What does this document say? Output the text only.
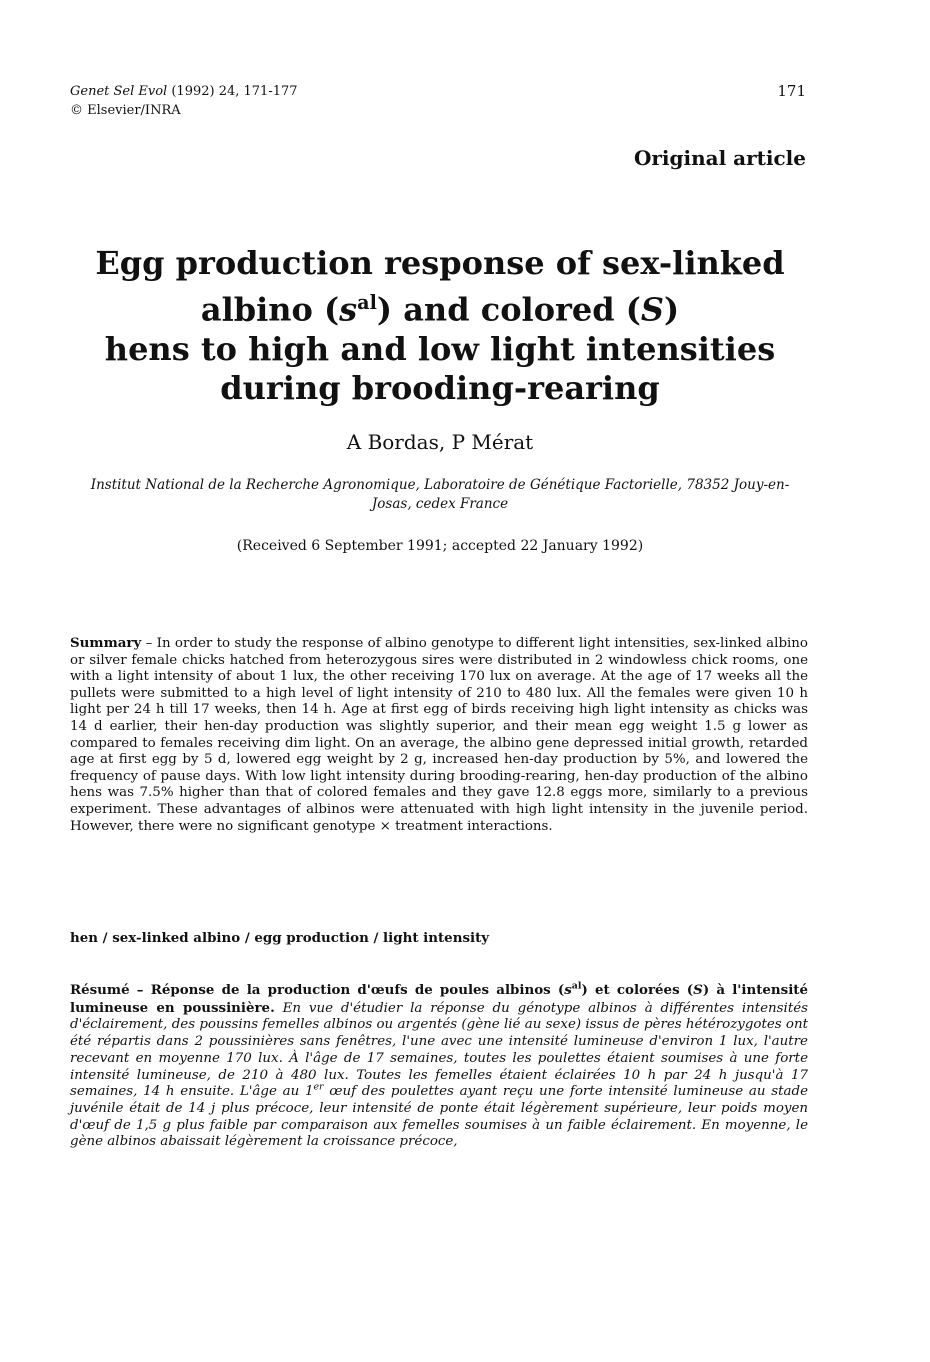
Genet Sel Evol (1992) 24, 171-177
© Elsevier/INRA
171
Original article
Egg production response of sex-linked
albino $(s^{al})$ and colored (S)
hens to high and low light intensities
during brooding-rearing
A Bordas, P Mérat
Institut National de la Recherche Agronomique, Laboratoire de Génétique Factorielle, 78352 Jouy-en-Josas, cedex France
(Received 6 September 1991; accepted 22 January 1992)

Summary – In order to study the response of albino genotype to different light intensities, sex-linked albino or silver female chicks hatched from heterozygous sires were distributed in 2 windowless chick rooms, one with a light intensity of about 1 lux, the other receiving 170 lux on average. At the age of 17 weeks all the pullets were submitted to a high level of light intensity of 210 to 480 lux. All the females were given 10 h light per 24 h till 17 weeks, then 14 h. Age at first egg of birds receiving high light intensity as chicks was 14 d earlier, their hen-day production was slightly superior, and their mean egg weight 1.5 g lower as compared to females receiving dim light. On an average, the albino gene depressed initial growth, retarded age at first egg by 5 d, lowered egg weight by 2 g, increased hen-day production by 5%, and lowered the frequency of pause days. With low light intensity during brooding-rearing, hen-day production of the albino hens was 7.5% higher than that of colored females and they gave 12.8 eggs more, similarly to a previous experiment. These advantages of albinos were attenuated with high light intensity in the juvenile period. However, there were no significant genotype × treatment interactions.

hen / sex-linked albino / egg production / light intensity

Résumé – Réponse de la production d'œufs de poules albinos $(s^{al})$ et colorées (S) à l'intensité lumineuse en poussinière. En vue d'étudier la réponse du génotype albinos à différentes intensités d'éclairement, des poussins femelles albinos ou argentés (gène lié au sexe) issus de pères hétérozygotes ont été répartis dans 2 poussinières sans fenêtres, l'une avec une intensité lumineuse d'environ 1 lux, l'autre recevant en moyenne 170 lux. À l'âge de 17 semaines, toutes les poulettes étaient soumises à une forte intensité lumineuse, de 210 à 480 lux. Toutes les femelles étaient éclairées 10 h par 24 h jusqu'à 17 semaines, 14 h ensuite. L'âge au 1er œuf des poulettes ayant reçu une forte intensité lumineuse au stade juvénile était de 14 j plus précoce, leur intensité de ponte était légèrement supérieure, leur poids moyen d'œuf de 1,5 g plus faible par comparaison aux femelles soumises à un faible éclairement. En moyenne, le gène albinos abaissait légèrement la croissance précoce,
